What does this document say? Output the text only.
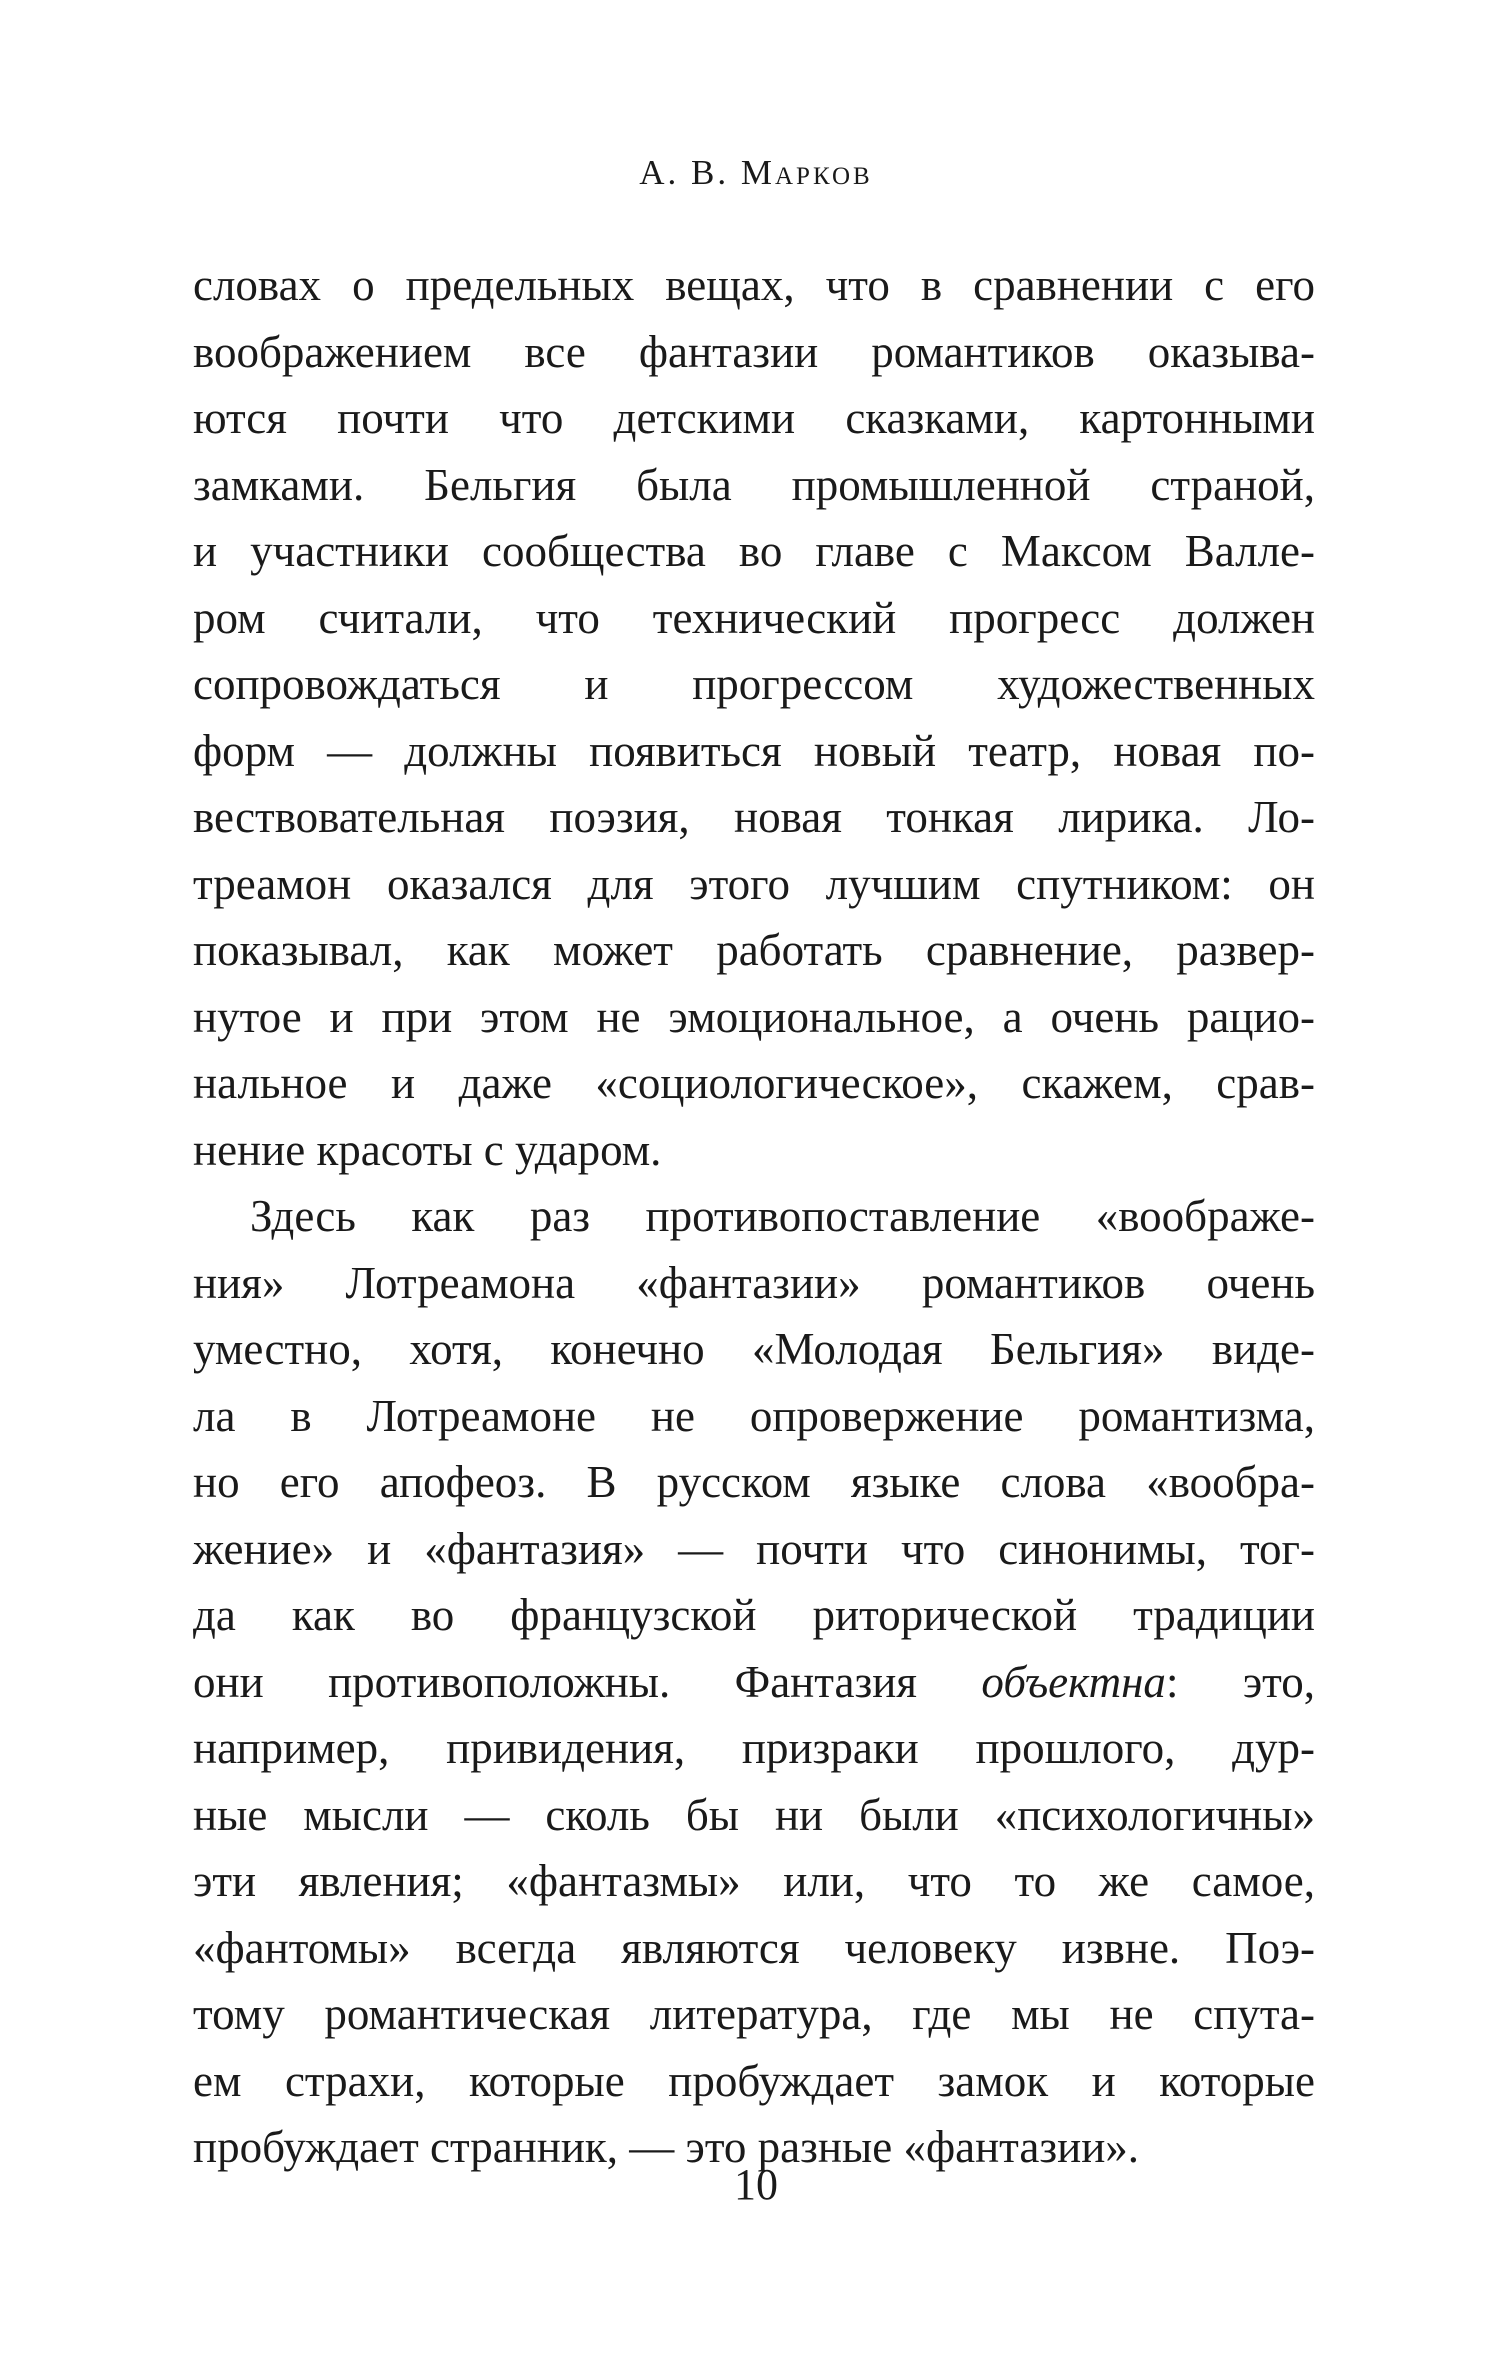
А. В. Марков
словах о предельных вещах, что в сравнении с его
воображением все фантазии романтиков оказыва-
ются почти что детскими сказками, картонными
замками. Бельгия была промышленной страной,
и участники сообщества во главе с Максом Валле-
ром считали, что технический прогресс должен
сопровождаться и прогрессом художественных
форм — должны появиться новый театр, новая по-
вествовательная поэзия, новая тонкая лирика. Ло-
треамон оказался для этого лучшим спутником: он
показывал, как может работать сравнение, развер-
нутое и при этом не эмоциональное, а очень рацио-
нальное и даже «социологическое», скажем, срав-
нение красоты с ударом.
Здесь как раз противопоставление «воображе-
ния» Лотреамона «фантазии» романтиков очень
уместно, хотя, конечно «Молодая Бельгия» виде-
ла в Лотреамоне не опровержение романтизма,
но его апофеоз. В русском языке слова «вообра-
жение» и «фантазия» — почти что синонимы, тог-
да как во французской риторической традиции
они противоположны. Фантазия объектна: это,
например, привидения, призраки прошлого, дур-
ные мысли — сколь бы ни были «психологичны»
эти явления; «фантазмы» или, что то же самое,
«фантомы» всегда являются человеку извне. Поэ-
тому романтическая литература, где мы не спута-
ем страхи, которые пробуждает замок и которые
пробуждает странник, — это разные «фантазии».
10
